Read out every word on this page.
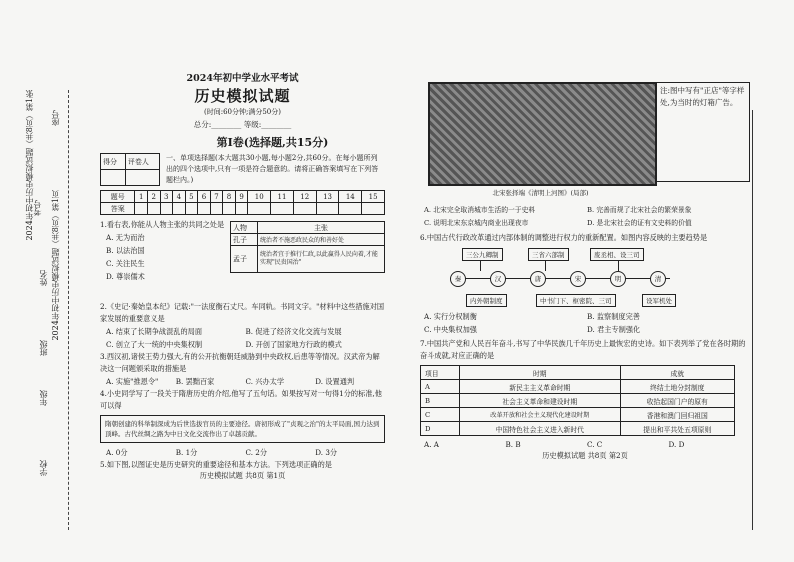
2024年初中历史模拟试题（共8页）第1张 座号
考号 2024年初中历史模拟试题（共8页）第1页
姓名
班级
年级
学校
2024年初中学业水平考试
历史模拟试题
(时间:60分钟;满分50分)
总分:________ 等级:________
第Ⅰ卷(选择题,共15分)
得分	评卷人
	一、单项选择题(本大题共30小题,每小题2分,共60分。在每小题所列出的四个选项中,只有一项是符合题意的。请将正确答案填写在下列答题栏内。)
题号	1	2	3	4	5	6	7	8	9	10	11	12	13	14	15
答案															
1.看右表,你能从人物主张的共同之处是
A. 无为而治
B. 以法治国
C. 关注民生
D. 尊崇儒术
人物	主张
孔子	统治者不施恶政民众的和善好处
孟子	统治者宜于推行仁政,以此赢得人民向着,才能实现"民贵国治"
2.《史记·秦始皇本纪》记载:"一法度衡石丈尺。车同轨。书同文字。"材料中这些措施对国家发展的重要意义是
A. 结束了长期争战混乱的局面	B. 促进了经济文化交流与发展
C. 创立了大一统的中央集权制	D. 开创了国家地方行政的模式
3.西汉初,诸侯王势力强大,有的公开抗衡朝廷威胁到中央政权,后患等等情况。汉武帝为解决这一问题颁采取的措施是
A. 实施"推恩令"	B. 罢黜百家	C. 兴办太学	D. 设置通判
4.小史同学写了一段关于隋唐历史的介绍,他写了五句话。如果按写对一句得1分的标准,他可以得
隋朝创建的科举制深成为后世选拔官员的主要途径。唐初形成了"贞观之治"的太平局面,国力达到顶峰。古代丝绸之路为中日文化交流作出了卓越贡献。
A. 0分	B. 1分	C. 2分	D. 3分
5.如下图,以图证史是历史研究的重要途径和基本方法。下列选项正确的是
历史模拟试题 共8页 第1页
注:图中写有"正店"等字样处,为当时的灯箱广告。
北宋张择端《清明上河图》(局部)
A. 北宋完全取消城市生活的一于史料	B. 完善而规了北宋社会的繁荣景象
C. 说明北宋东京城内商业出现夜市	D. 是北宋社会的证有文史料的价值
6.中国古代行政改革通过内部体制的调整进行权力的重新配置。如图内容反映的主要趋势是
三公九卿制	三省六部制	废丞相、设三司
秦	汉	唐	宋	明	清
内外朝制度	中书门下、枢密院、三司	设军机处
A. 实行分权制衡	B. 监察制度完善
C. 中央集权加强	D. 君主专制强化
7.中国共产党和人民百年奋斗,书写了中华民族几千年历史上最恢宏的史诗。如下表列举了党在各时期的奋斗成就,对应正确的是
项目	时期	成就
A	新民主主义革命时期	终结土地分封制度
B	社会主义革命和建设时期	收拾起国门户的原有
C	改革开放和社会主义现代化建设时期	香港和澳门回归祖国
D	中国特色社会主义进入新时代	提出和平共处五项原则
A. A	B. B	C. C	D. D
历史模拟试题 共8页 第2页
